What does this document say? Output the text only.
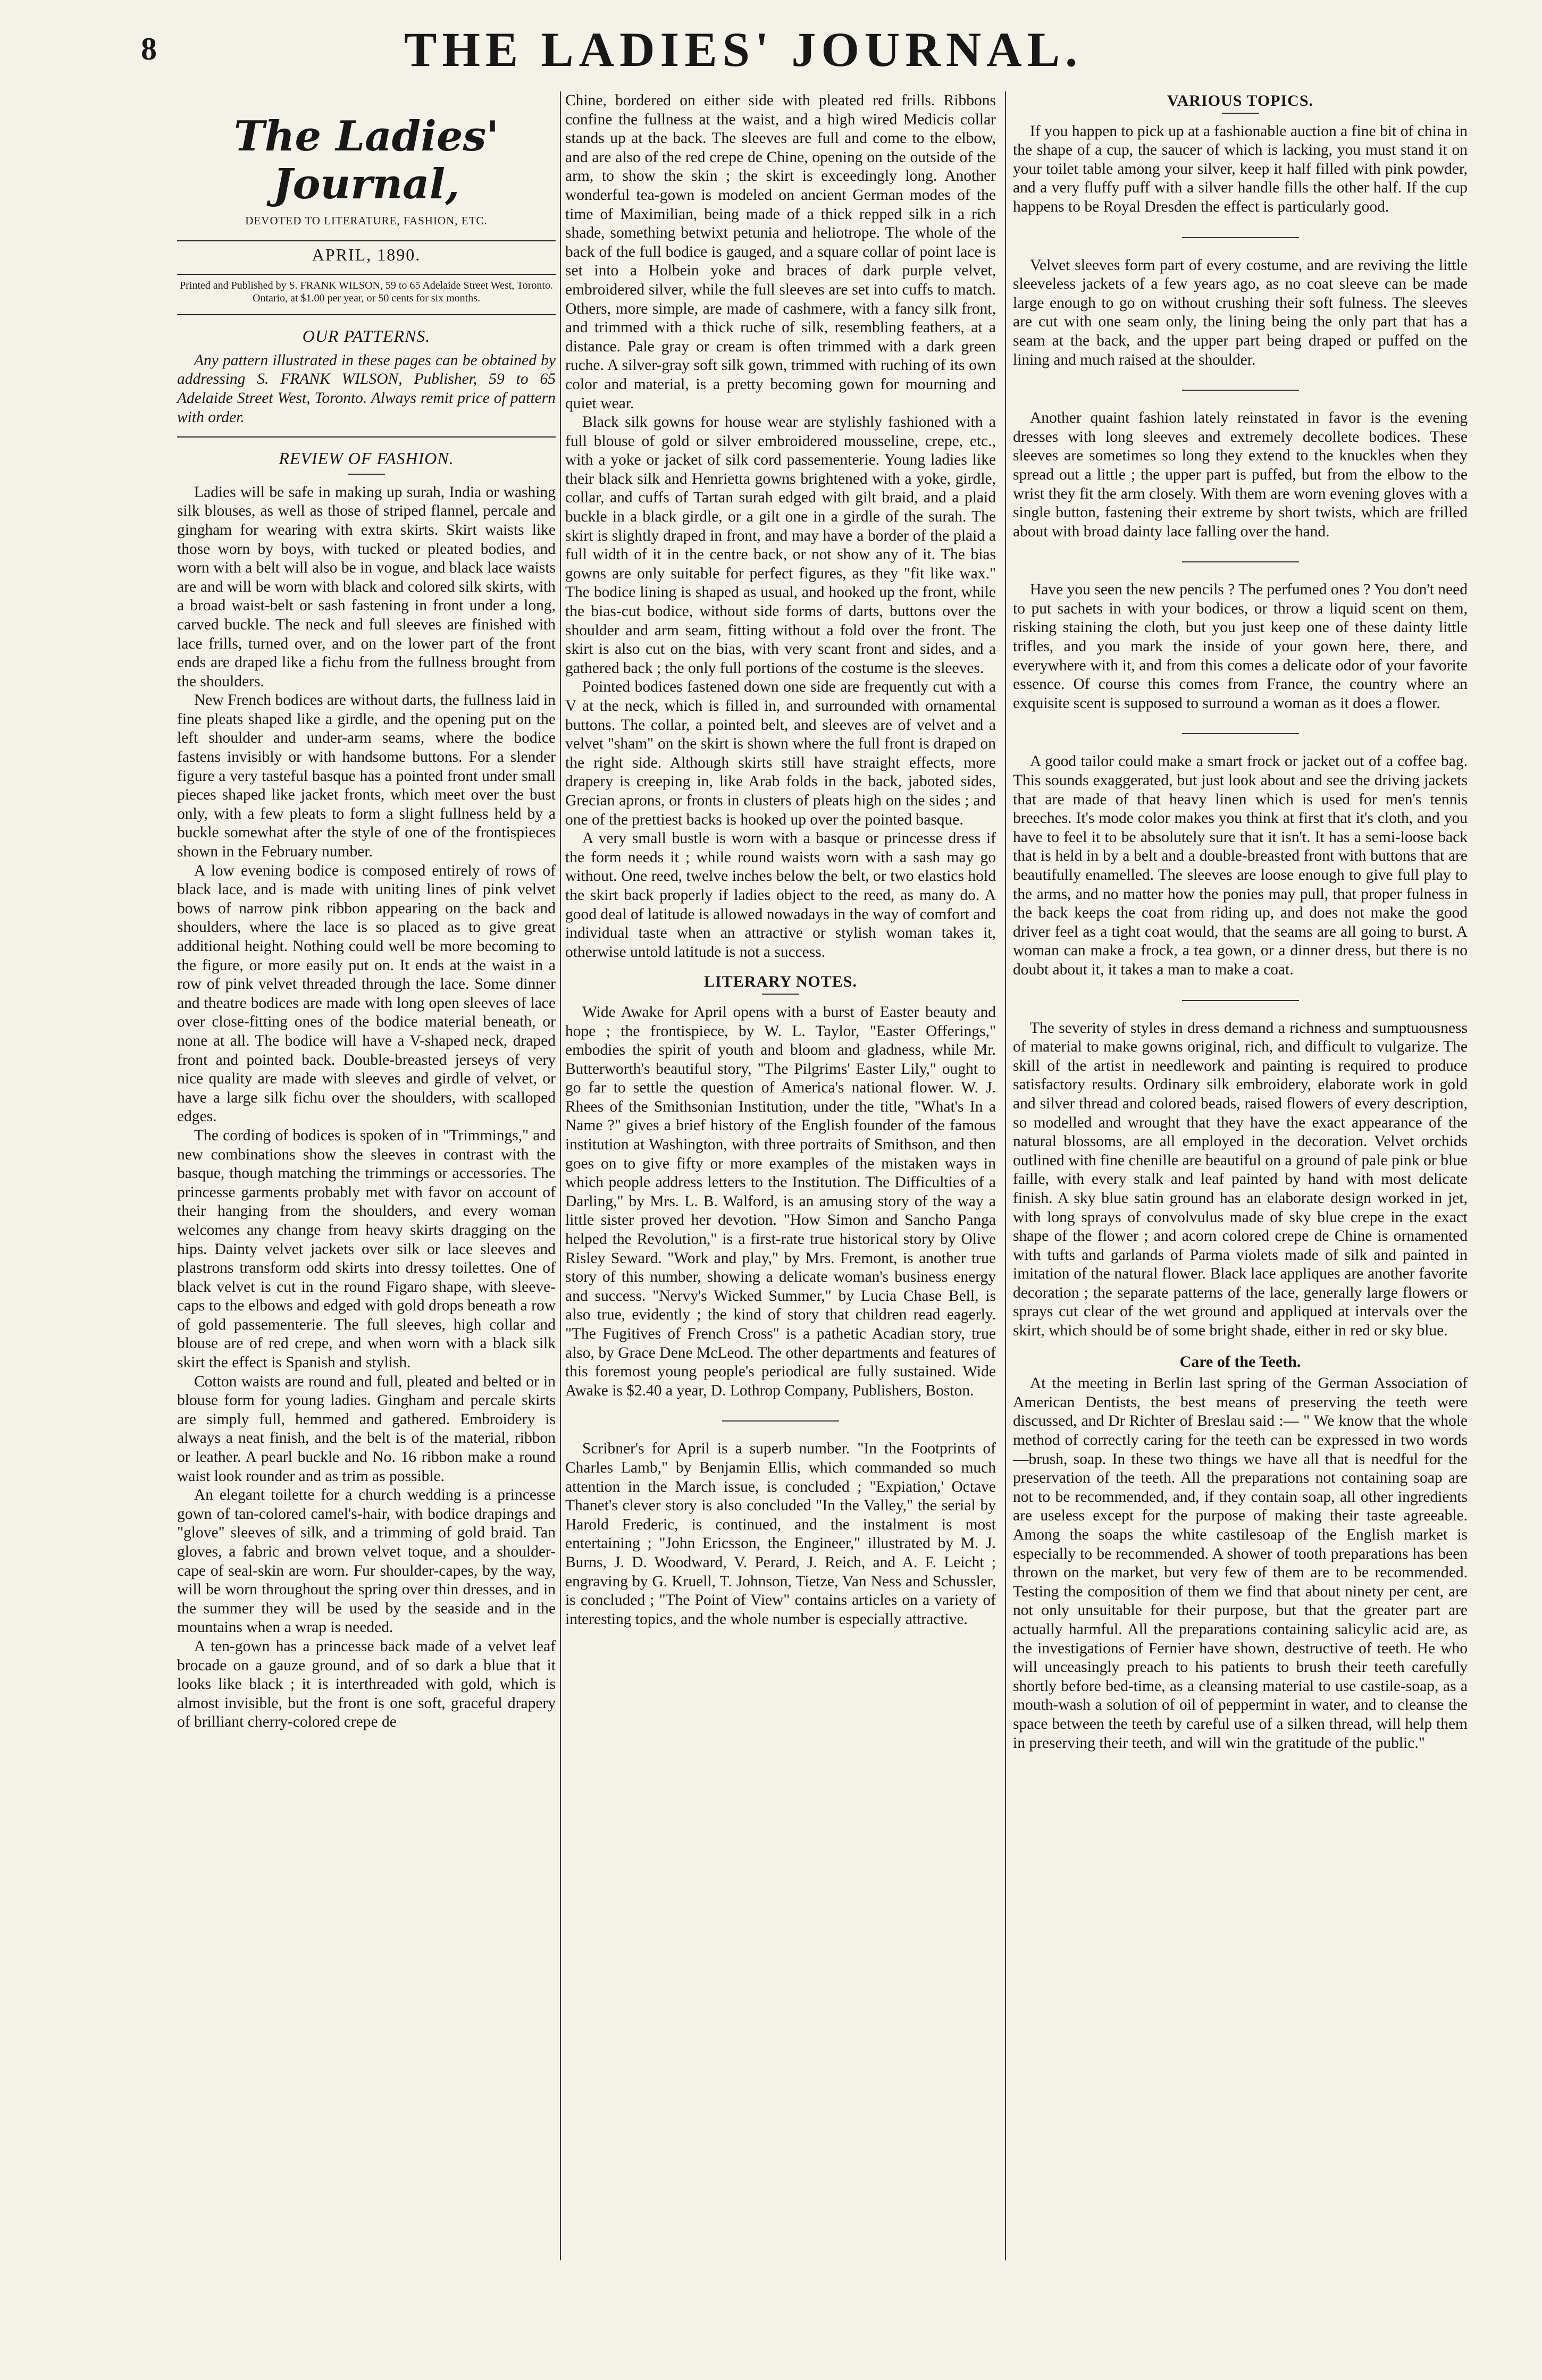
8	THE LADIES' JOURNAL.
The Ladies' Journal,
DEVOTED TO LITERATURE, FASHION, ETC.
APRIL, 1890.
Printed and Published by S. FRANK WILSON, 59 to 65 Adelaide Street West, Toronto. Ontario, at $1.00 per year, or 50 cents for six months.
OUR PATTERNS.

Any pattern illustrated in these pages can be obtained by addressing S. FRANK WILSON, Publisher, 59 to 65 Adelaide Street West, Toronto. Always remit price of pattern with order.

REVIEW OF FASHION.

Ladies will be safe in making up surah, India or washing silk blouses, as well as those of striped flannel, percale and gingham for wearing with extra skirts. Skirt waists like those worn by boys, with tucked or pleated bodies, and worn with a belt will also be in vogue, and black lace waists are and will be worn with black and colored silk skirts, with a broad waist-belt or sash fastening in front under a long, carved buckle. The neck and full sleeves are finished with lace frills, turned over, and on the lower part of the front ends are draped like a fichu from the fullness brought from the shoulders.

New French bodices are without darts, the fullness laid in fine pleats shaped like a girdle, and the opening put on the left shoulder and under-arm seams, where the bodice fastens invisibly or with handsome buttons. For a slender figure a very tasteful basque has a pointed front under small pieces shaped like jacket fronts, which meet over the bust only, with a few pleats to form a slight fullness held by a buckle somewhat after the style of one of the frontispieces shown in the February number.

A low evening bodice is composed entirely of rows of black lace, and is made with uniting lines of pink velvet bows of narrow pink ribbon appearing on the back and shoulders, where the lace is so placed as to give great additional height. Nothing could well be more becoming to the figure, or more easily put on. It ends at the waist in a row of pink velvet threaded through the lace. Some dinner and theatre bodices are made with long open sleeves of lace over close-fitting ones of the bodice material beneath, or none at all. The bodice will have a V-shaped neck, draped front and pointed back. Double-breasted jerseys of very nice quality are made with sleeves and girdle of velvet, or have a large silk fichu over the shoulders, with scalloped edges.

The cording of bodices is spoken of in "Trimmings," and new combinations show the sleeves in contrast with the basque, though matching the trimmings or accessories. The princesse garments probably met with favor on account of their hanging from the shoulders, and every woman welcomes any change from heavy skirts dragging on the hips. Dainty velvet jackets over silk or lace sleeves and plastrons transform odd skirts into dressy toilettes. One of black velvet is cut in the round Figaro shape, with sleeve-caps to the elbows and edged with gold drops beneath a row of gold passementerie. The full sleeves, high collar and blouse are of red crepe, and when worn with a black silk skirt the effect is Spanish and stylish.

Cotton waists are round and full, pleated and belted or in blouse form for young ladies. Gingham and percale skirts are simply full, hemmed and gathered. Embroidery is always a neat finish, and the belt is of the material, ribbon or leather. A pearl buckle and No. 16 ribbon make a round waist look rounder and as trim as possible.

An elegant toilette for a church wedding is a princesse gown of tan-colored camel's-hair, with bodice drapings and "glove" sleeves of silk, and a trimming of gold braid. Tan gloves, a fabric and brown velvet toque, and a shoulder-cape of seal-skin are worn. Fur shoulder-capes, by the way, will be worn throughout the spring over thin dresses, and in the summer they will be used by the seaside and in the mountains when a wrap is needed.

A ten-gown has a princesse back made of a velvet leaf brocade on a gauze ground, and of so dark a blue that it looks like black ; it is interthreaded with gold, which is almost invisible, but the front is one soft, graceful drapery of brilliant cherry-colored crepe de

Chine, bordered on either side with pleated red frills. Ribbons confine the fullness at the waist, and a high wired Medicis collar stands up at the back. The sleeves are full and come to the elbow, and are also of the red crepe de Chine, opening on the outside of the arm, to show the skin ; the skirt is exceedingly long. Another wonderful tea-gown is modeled on ancient German modes of the time of Maximilian, being made of a thick repped silk in a rich shade, something betwixt petunia and heliotrope. The whole of the back of the full bodice is gauged, and a square collar of point lace is set into a Holbein yoke and braces of dark purple velvet, embroidered silver, while the full sleeves are set into cuffs to match. Others, more simple, are made of cashmere, with a fancy silk front, and trimmed with a thick ruche of silk, resembling feathers, at a distance. Pale gray or cream is often trimmed with a dark green ruche. A silver-gray soft silk gown, trimmed with ruching of its own color and material, is a pretty becoming gown for mourning and quiet wear.

Black silk gowns for house wear are stylishly fashioned with a full blouse of gold or silver embroidered mousseline, crepe, etc., with a yoke or jacket of silk cord passementerie. Young ladies like their black silk and Henrietta gowns brightened with a yoke, girdle, collar, and cuffs of Tartan surah edged with gilt braid, and a plaid buckle in a black girdle, or a gilt one in a girdle of the surah. The skirt is slightly draped in front, and may have a border of the plaid a full width of it in the centre back, or not show any of it. The bias gowns are only suitable for perfect figures, as they "fit like wax." The bodice lining is shaped as usual, and hooked up the front, while the bias-cut bodice, without side forms of darts, buttons over the shoulder and arm seam, fitting without a fold over the front. The skirt is also cut on the bias, with very scant front and sides, and a gathered back ; the only full portions of the costume is the sleeves.

Pointed bodices fastened down one side are frequently cut with a V at the neck, which is filled in, and surrounded with ornamental buttons. The collar, a pointed belt, and sleeves are of velvet and a velvet "sham" on the skirt is shown where the full front is draped on the right side. Although skirts still have straight effects, more drapery is creeping in, like Arab folds in the back, jaboted sides, Grecian aprons, or fronts in clusters of pleats high on the sides ; and one of the prettiest backs is hooked up over the pointed basque.

A very small bustle is worn with a basque or princesse dress if the form needs it ; while round waists worn with a sash may go without. One reed, twelve inches below the belt, or two elastics hold the skirt back properly if ladies object to the reed, as many do. A good deal of latitude is allowed nowadays in the way of comfort and individual taste when an attractive or stylish woman takes it, otherwise untold latitude is not a success.

LITERARY NOTES.

Wide Awake for April opens with a burst of Easter beauty and hope ; the frontispiece, by W. L. Taylor, "Easter Offerings," embodies the spirit of youth and bloom and gladness, while Mr. Butterworth's beautiful story, "The Pilgrims' Easter Lily," ought to go far to settle the question of America's national flower. W. J. Rhees of the Smithsonian Institution, under the title, "What's In a Name ?" gives a brief history of the English founder of the famous institution at Washington, with three portraits of Smithson, and then goes on to give fifty or more examples of the mistaken ways in which people address letters to the Institution. The Difficulties of a Darling," by Mrs. L. B. Walford, is an amusing story of the way a little sister proved her devotion. "How Simon and Sancho Panga helped the Revolution," is a first-rate true historical story by Olive Risley Seward. "Work and play," by Mrs. Fremont, is another true story of this number, showing a delicate woman's business energy and success. "Nervy's Wicked Summer," by Lucia Chase Bell, is also true, evidently ; the kind of story that children read eagerly. "The Fugitives of French Cross" is a pathetic Acadian story, true also, by Grace Dene McLeod. The other departments and features of this foremost young people's periodical are fully sustained. Wide Awake is $2.40 a year, D. Lothrop Company, Publishers, Boston.

Scribner's for April is a superb number. "In the Footprints of Charles Lamb," by Benjamin Ellis, which commanded so much attention in the March issue, is concluded ; "Expiation,' Octave Thanet's clever story is also concluded "In the Valley," the serial by Harold Frederic, is continued, and the instalment is most entertaining ; "John Ericsson, the Engineer," illustrated by M. J. Burns, J. D. Woodward, V. Perard, J. Reich, and A. F. Leicht ; engraving by G. Kruell, T. Johnson, Tietze, Van Ness and Schussler, is concluded ; "The Point of View" contains articles on a variety of interesting topics, and the whole number is especially attractive.

VARIOUS TOPICS.

If you happen to pick up at a fashionable auction a fine bit of china in the shape of a cup, the saucer of which is lacking, you must stand it on your toilet table among your silver, keep it half filled with pink powder, and a very fluffy puff with a silver handle fills the other half. If the cup happens to be Royal Dresden the effect is particularly good.

Velvet sleeves form part of every costume, and are reviving the little sleeveless jackets of a few years ago, as no coat sleeve can be made large enough to go on without crushing their soft fulness. The sleeves are cut with one seam only, the lining being the only part that has a seam at the back, and the upper part being draped or puffed on the lining and much raised at the shoulder.

Another quaint fashion lately reinstated in favor is the evening dresses with long sleeves and extremely decollete bodices. These sleeves are sometimes so long they extend to the knuckles when they spread out a little ; the upper part is puffed, but from the elbow to the wrist they fit the arm closely. With them are worn evening gloves with a single button, fastening their extreme by short twists, which are frilled about with broad dainty lace falling over the hand.

Have you seen the new pencils ? The perfumed ones ? You don't need to put sachets in with your bodices, or throw a liquid scent on them, risking staining the cloth, but you just keep one of these dainty little trifles, and you mark the inside of your gown here, there, and everywhere with it, and from this comes a delicate odor of your favorite essence. Of course this comes from France, the country where an exquisite scent is supposed to surround a woman as it does a flower.

A good tailor could make a smart frock or jacket out of a coffee bag. This sounds exaggerated, but just look about and see the driving jackets that are made of that heavy linen which is used for men's tennis breeches. It's mode color makes you think at first that it's cloth, and you have to feel it to be absolutely sure that it isn't. It has a semi-loose back that is held in by a belt and a double-breasted front with buttons that are beautifully enamelled. The sleeves are loose enough to give full play to the arms, and no matter how the ponies may pull, that proper fulness in the back keeps the coat from riding up, and does not make the good driver feel as a tight coat would, that the seams are all going to burst. A woman can make a frock, a tea gown, or a dinner dress, but there is no doubt about it, it takes a man to make a coat.

The severity of styles in dress demand a richness and sumptuousness of material to make gowns original, rich, and difficult to vulgarize. The skill of the artist in needlework and painting is required to produce satisfactory results. Ordinary silk embroidery, elaborate work in gold and silver thread and colored beads, raised flowers of every description, so modelled and wrought that they have the exact appearance of the natural blossoms, are all employed in the decoration. Velvet orchids outlined with fine chenille are beautiful on a ground of pale pink or blue faille, with every stalk and leaf painted by hand with most delicate finish. A sky blue satin ground has an elaborate design worked in jet, with long sprays of convolvulus made of sky blue crepe in the exact shape of the flower ; and acorn colored crepe de Chine is ornamented with tufts and garlands of Parma violets made of silk and painted in imitation of the natural flower. Black lace appliques are another favorite decoration ; the separate patterns of the lace, generally large flowers or sprays cut clear of the wet ground and appliqued at intervals over the skirt, which should be of some bright shade, either in red or sky blue.

Care of the Teeth.

At the meeting in Berlin last spring of the German Association of American Dentists, the best means of preserving the teeth were discussed, and Dr Richter of Breslau said :— " We know that the whole method of correctly caring for the teeth can be expressed in two words—brush, soap. In these two things we have all that is needful for the preservation of the teeth. All the preparations not containing soap are not to be recommended, and, if they contain soap, all other ingredients are useless except for the purpose of making their taste agreeable. Among the soaps the white castilesoap of the English market is especially to be recommended. A shower of tooth preparations has been thrown on the market, but very few of them are to be recommended. Testing the composition of them we find that about ninety per cent, are not only unsuitable for their purpose, but that the greater part are actually harmful. All the preparations containing salicylic acid are, as the investigations of Fernier have shown, destructive of teeth. He who will unceasingly preach to his patients to brush their teeth carefully shortly before bed-time, as a cleansing material to use castile-soap, as a mouth-wash a solution of oil of peppermint in water, and to cleanse the space between the teeth by careful use of a silken thread, will help them in preserving their teeth, and will win the gratitude of the public."
